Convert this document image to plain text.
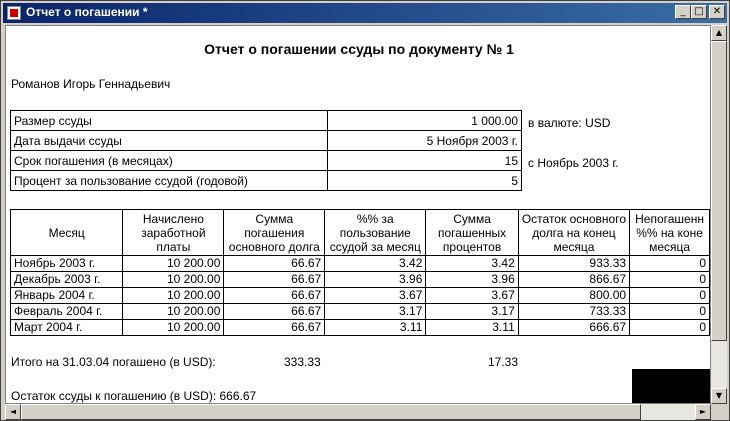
Отчет о погашении *	_ □ ✕
Отчет о погашении ссуды по документу № 1
Романов Игорь Геннадьевич
Размер ссуды	1 000.00
Дата выдачи ссуды	5 Ноября 2003 г.
Срок погашения (в месяцах)	15
Процент за пользование ссудой (годовой)	5
в валюте: USD
с Ноябрь 2003 г.
Месяц	Начислено заработной платы	Сумма погашения основного долга	%% за пользование ссудой за месяц	Сумма погашенных процентов	Остаток основного долга на конец месяца	Непогашенн %% на коне месяца
Ноябрь 2003 г.	10 200.00	66.67	3.42	3.42	933.33	0
Декабрь 2003 г.	10 200.00	66.67	3.96	3.96	866.67	0
Январь 2004 г.	10 200.00	66.67	3.67	3.67	800.00	0
Февраль 2004 г.	10 200.00	66.67	3.17	3.17	733.33	0
Март 2004 г.	10 200.00	66.67	3.11	3.11	666.67	0
Итого на 31.03.04 погашено (в USD):	333.33	17.33
Остаток ссуды к погашению (в USD): 666.67
▲
▼
◄	►
